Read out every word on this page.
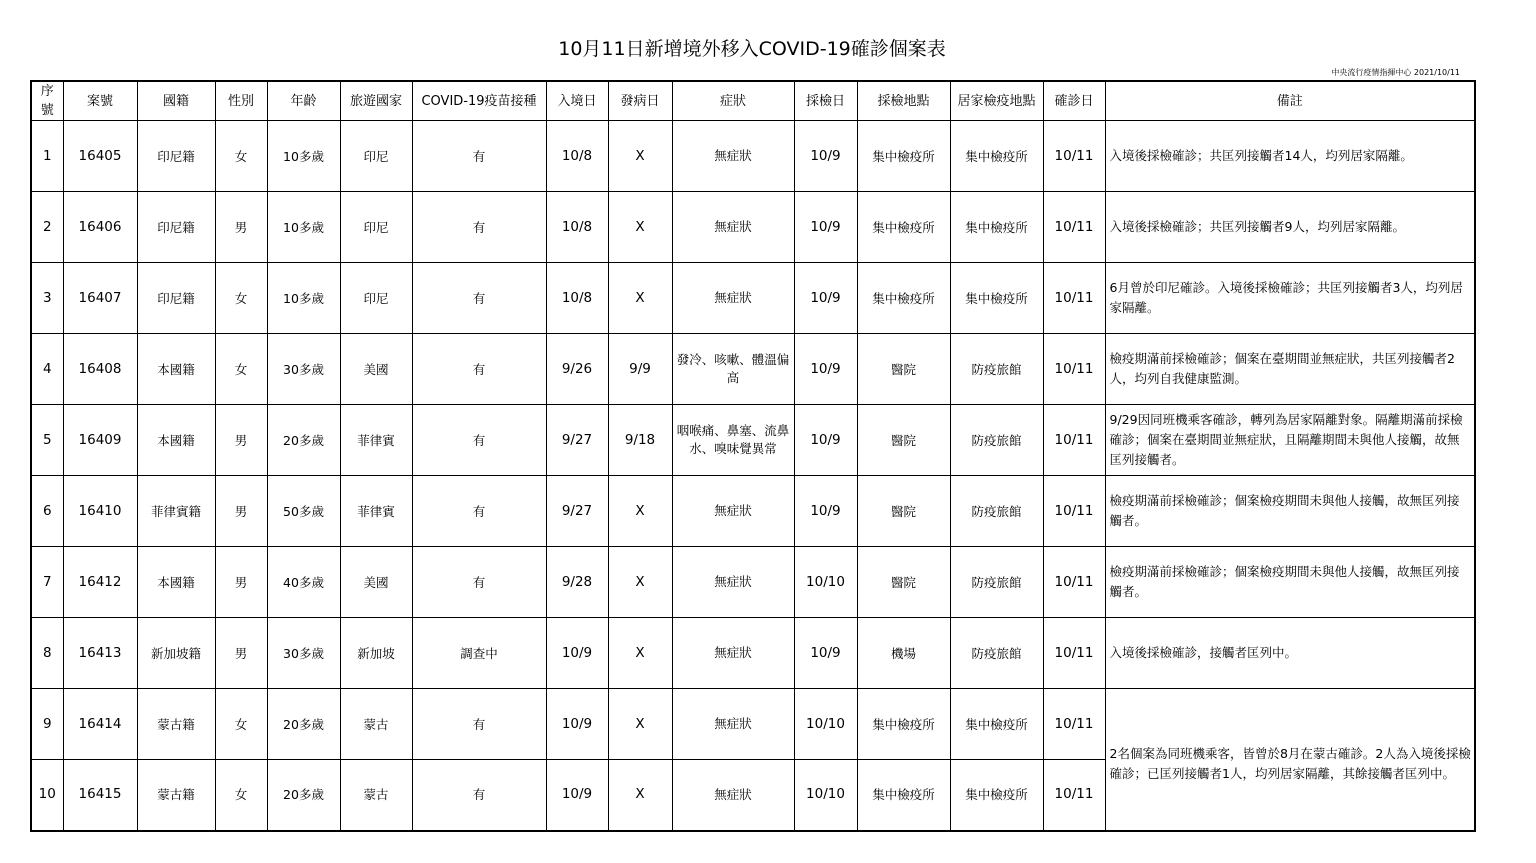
10月11日新增境外移入COVID-19確診個案表
中央流行疫情指揮中心 2021/10/11
序號	案號	國籍	性別	年齡	旅遊國家	COVID-19疫苗接種	入境日	發病日	症狀	採檢日	採檢地點	居家檢疫地點	確診日	備註
1	16405	印尼籍	女	10多歲	印尼	有	10/8	X	無症狀	10/9	集中檢疫所	集中檢疫所	10/11	入境後採檢確診；共匡列接觸者14人，均列居家隔離。
2	16406	印尼籍	男	10多歲	印尼	有	10/8	X	無症狀	10/9	集中檢疫所	集中檢疫所	10/11	入境後採檢確診；共匡列接觸者9人，均列居家隔離。
3	16407	印尼籍	女	10多歲	印尼	有	10/8	X	無症狀	10/9	集中檢疫所	集中檢疫所	10/11	6月曾於印尼確診。入境後採檢確診；共匡列接觸者3人，均列居家隔離。
4	16408	本國籍	女	30多歲	美國	有	9/26	9/9	發冷、咳嗽、體溫偏高	10/9	醫院	防疫旅館	10/11	檢疫期滿前採檢確診；個案在臺期間並無症狀，共匡列接觸者2人，均列自我健康監測。
5	16409	本國籍	男	20多歲	菲律賓	有	9/27	9/18	咽喉痛、鼻塞、流鼻水、嗅味覺異常	10/9	醫院	防疫旅館	10/11	9/29因同班機乘客確診，轉列為居家隔離對象。隔離期滿前採檢確診；個案在臺期間並無症狀，且隔離期間未與他人接觸，故無匡列接觸者。
6	16410	菲律賓籍	男	50多歲	菲律賓	有	9/27	X	無症狀	10/9	醫院	防疫旅館	10/11	檢疫期滿前採檢確診；個案檢疫期間未與他人接觸，故無匡列接觸者。
7	16412	本國籍	男	40多歲	美國	有	9/28	X	無症狀	10/10	醫院	防疫旅館	10/11	檢疫期滿前採檢確診；個案檢疫期間未與他人接觸，故無匡列接觸者。
8	16413	新加坡籍	男	30多歲	新加坡	調查中	10/9	X	無症狀	10/9	機場	防疫旅館	10/11	入境後採檢確診，接觸者匡列中。
9	16414	蒙古籍	女	20多歲	蒙古	有	10/9	X	無症狀	10/10	集中檢疫所	集中檢疫所	10/11	2名個案為同班機乘客，皆曾於8月在蒙古確診。2人為入境後採檢確診；已匡列接觸者1人，均列居家隔離，其餘接觸者匡列中。
10	16415	蒙古籍	女	20多歲	蒙古	有	10/9	X	無症狀	10/10	集中檢疫所	集中檢疫所	10/11	
